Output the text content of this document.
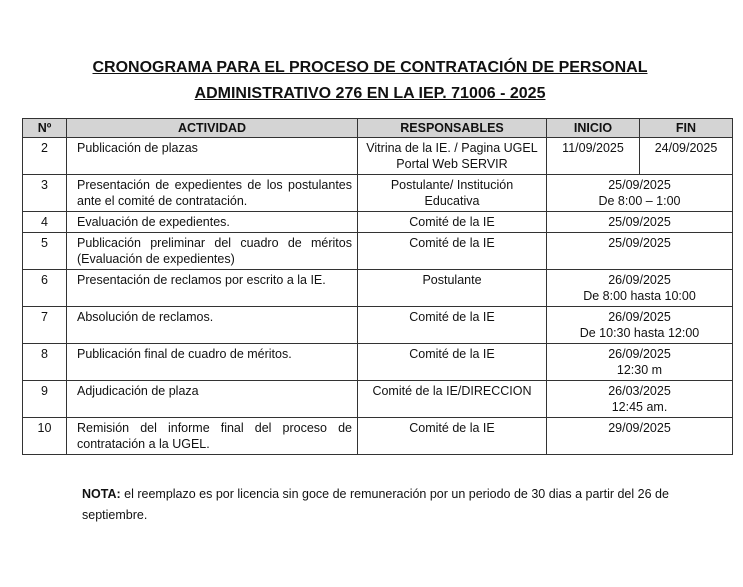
CRONOGRAMA PARA EL PROCESO DE CONTRATACIÓN DE PERSONAL
ADMINISTRATIVO 276 EN LA IEP. 71006 - 2025
Nº	ACTIVIDAD	RESPONSABLES	INICIO	FIN
2	Publicación de plazas	Vitrina de la IE. / Pagina UGEL Portal Web SERVIR	11/09/2025	24/09/2025
3	Presentación de expedientes de los postulantes ante el comité de contratación.	Postulante/ Institución Educativa	25/09/2025
De 8:00 – 1:00	

4	Evaluación de expedientes.	Comité de la IE	25/09/2025	

5	Publicación preliminar del cuadro de méritos (Evaluación de expedientes)	Comité de la IE	25/09/2025	

6	Presentación de reclamos por escrito a la IE.	Postulante	26/09/2025
De 8:00 hasta 10:00	

7	Absolución de reclamos.	Comité de la IE	26/09/2025
De 10:30 hasta 12:00	

8	Publicación final de cuadro de méritos.	Comité de la IE	26/09/2025
12:30 m	

9	Adjudicación de plaza	Comité de la IE/DIRECCION	26/03/2025
12:45 am.	

10	Remisión del informe final del proceso de contratación a la UGEL.	Comité de la IE	29/09/2025	
NOTA: el reemplazo es por licencia sin goce de remuneración por un periodo de 30 dias a partir del 26 de septiembre.
